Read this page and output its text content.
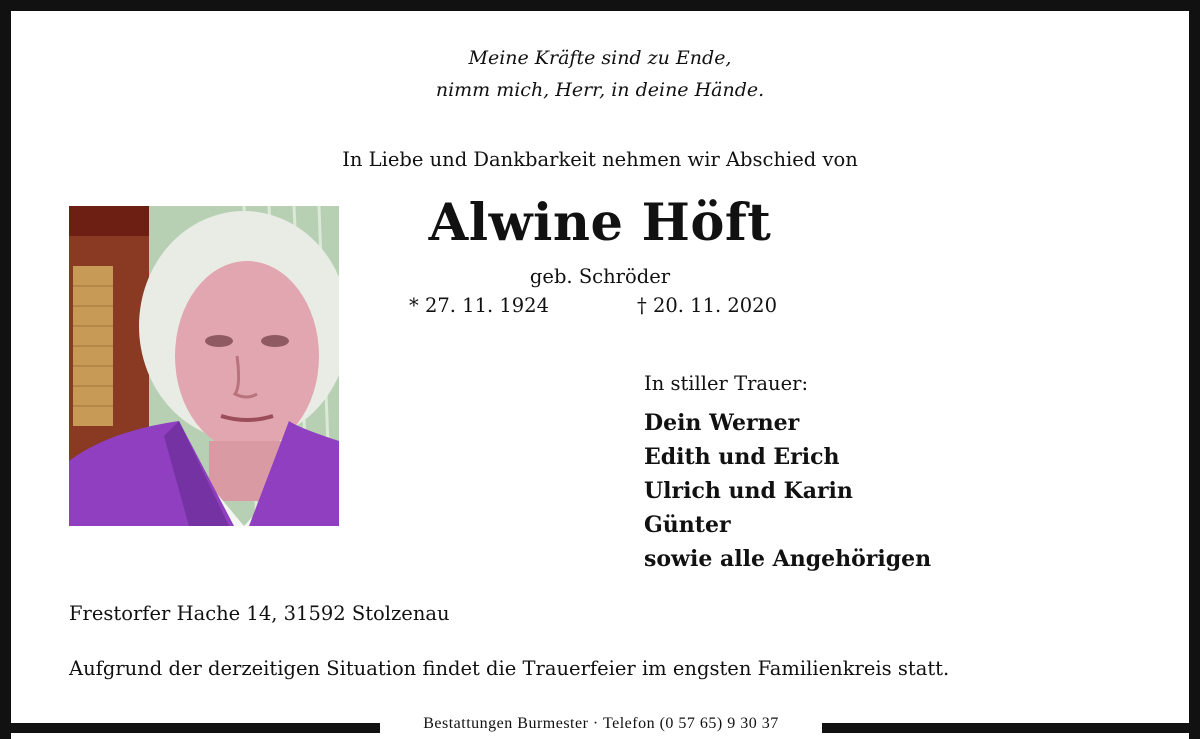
Meine Kräfte sind zu Ende,
nimm mich, Herr, in deine Hände.
In Liebe und Dankbarkeit nehmen wir Abschied von
Alwine Höft
geb. Schröder
* 27. 11. 1924	† 20. 11. 2020
In stiller Trauer:
Dein Werner
Edith und Erich
Ulrich und Karin
Günter
sowie alle Angehörigen
Frestorfer Hache 14, 31592 Stolzenau
Aufgrund der derzeitigen Situation findet die Trauerfeier im engsten Familienkreis statt.
Bestattungen Burmester · Telefon (0 57 65) 9 30 37
